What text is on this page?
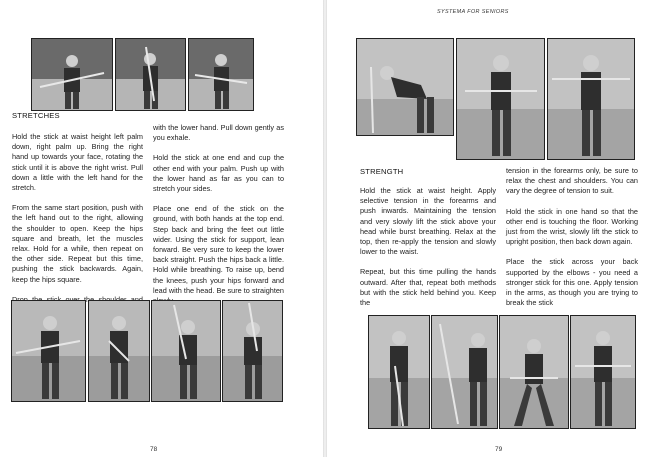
STRETCHES

Hold the stick at waist height left palm down, right palm up. Bring the right hand up towards your face, rotating the stick until it is above the right wrist. Pull down a little with the left hand for the stretch.

From the same start position, push with the left hand out to the right, allowing the shoulder to open. Keep the hips square and breath, let the muscles relax. Hold for a while, then repeat on the other side. Repeat but this time, pushing the stick backwards. Again, keep the hips square.

with the lower hand. Pull down gently as you exhale.

Hold the stick at one end and cup the other end with your palm. Push up with the lower hand as far as you can to stretch your sides.

Place one end of the stick on the ground, with both hands at the top end. Step back and bring the feet out little wider. Using the stick for support, lean forward. Be very sure to keep the lower back straight. Push the hips back a little. Hold while breathing. To raise up, bend the knees, push your hips forward and lead with the head. Be sure to straighten

78
SYSTEMA FOR SENIORS
STRENGTH

Hold the stick at waist height. Apply selective tension in the forearms and push inwards. Maintaining the tension and very slowly lift the stick above your head while burst breathing. Relax at the top, then re-apply the tension and slowly lower to the waist.

Repeat, but this time pulling the hands outward. After that, repeat both methods but with the stick held behind you. Keep the

tension in the forearms only, be sure to relax the chest and shoulders. You can vary the degree of tension to suit.

Hold the stick in one hand so that the other end is touching the floor. Working just from the wrist, slowly lift the stick to upright position, then back down again.

Place the stick across your back supported by the elbows - you need a stronger stick for this one. Apply tension in the arms, as though you are trying to break the stick

79
